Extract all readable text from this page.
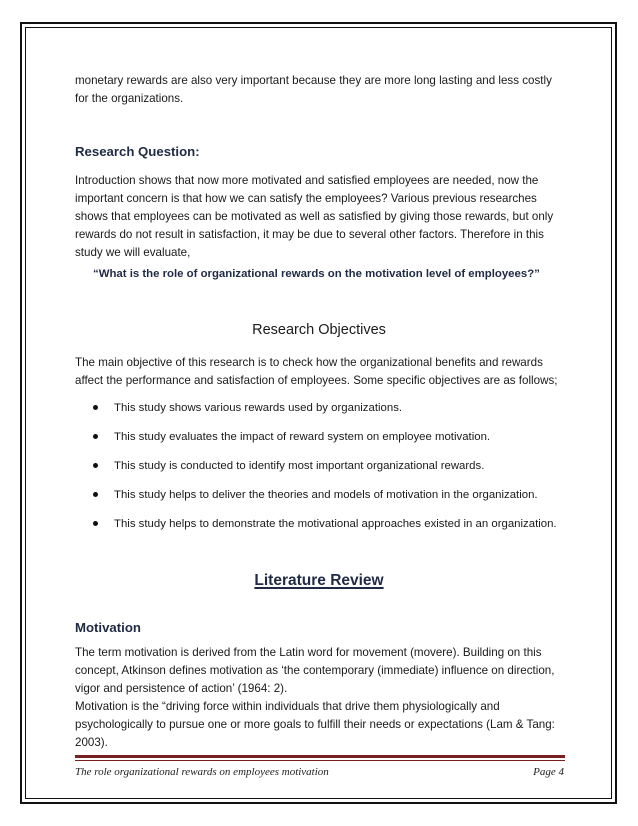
monetary rewards are also very important because they are more long lasting and less costly

for the organizations.

Research Question:

Introduction shows that now more motivated and satisfied employees are needed, now the

important concern is that how we can satisfy the employees? Various previous researches

shows that employees can be motivated as well as satisfied by giving those rewards, but only

rewards do not result in satisfaction, it may be due to several other factors. Therefore in this

study we will evaluate,

“What is the role of organizational rewards on the motivation level of employees?”

Research Objectives

The main objective of this research is to check how the organizational benefits and rewards

affect the performance and satisfaction of employees. Some specific objectives are as follows;

This study shows various rewards used by organizations.
This study evaluates the impact of reward system on employee motivation.
This study is conducted to identify most important organizational rewards.
This study helps to deliver the theories and models of motivation in the organization.
This study helps to demonstrate the motivational approaches existed in an organization.
Literature Review
Motivation

The term motivation is derived from the Latin word for movement (movere). Building on this

concept, Atkinson defines motivation as ‘the contemporary (immediate) influence on direction,

vigor and persistence of action’ (1964: 2).

Motivation is the “driving force within individuals that drive them physiologically and

psychologically to pursue one or more goals to fulfill their needs or expectations (Lam & Tang:

2003).

The role organizational rewards on employees motivation	Page 4
